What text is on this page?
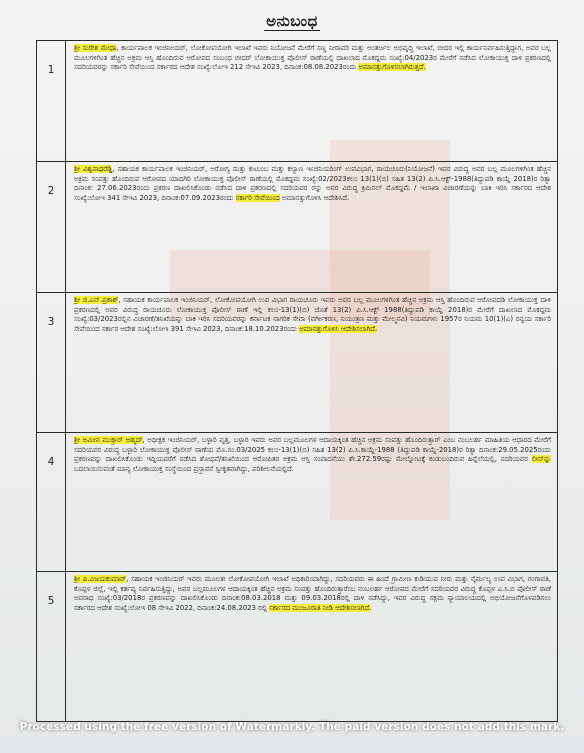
ಅನುಬಂಧ
1	ಶ್ರೀ ಸುರೇಶ ಮೇಧಾ, ಕಾರ್ಯಪಾಲಕ ಇಂಜಿನೀಯರ್, ಲೋಕೋಪಯೋಗಿ ಇಲಾಖೆ ಇವರು ನಿಯೋಜನೆ ಮೇರೆಗೆ ಸಣ್ಣ ನೀರಾವರಿ ಮತ್ತು ಅಂತರ್ಜಲ ಅಭಿವೃದ್ಧಿ ಇಲಾಖೆ, ಬೀದರ ಇಲ್ಲಿ ಕಾರ್ಯನಿರ್ವಹಿಸುತ್ತಿದ್ದಾಗ, ಅವರ ಬಲ್ಲ ಮೂಲಗಳಿಗಿಂತ ಹೆಚ್ಚಿನ ಅಕ್ರಮ ಆಸ್ತಿ ಹೊಂದಿರುವ ಆರೋಪದ ಸಂಬಂಧ ಬೀದರ್ ಲೋಕಾಯುಕ್ತ ಪೊಲೀಸ್ ಠಾಣೆಯಲ್ಲಿ ದಾಖಲಾದ ಮೊಕದ್ದಮ ಸಂಖ್ಯೆ:04/2023ರ ಮೇರೆಗೆ ನಡೆಸಿದ ಲೋಕಾಯುಕ್ತ ದಾಳಿ ಪ್ರಕರಣದಲ್ಲಿ ಸದರಿಯವರನ್ನು ಸರ್ಕಾರಿ ಸೇವೆಯಿಂದ ಸರ್ಕಾರದ ಆದೇಶ ಸಂಖ್ಯೆ:ಲೋಇ 212 ಸೇಇವಿ 2023, ದಿನಾಂಕ:08.08.2023ರಂದು ಅಮಾನತ್ತುಗೊಳಿಸಲಾಗಿರುತ್ತದೆ.
2	ಶ್ರೀ ವಿಶ್ವನಾಥರೆಡ್ಡಿ, ಸಹಾಯಕ ಕಾರ್ಯಪಾಲಕ ಇಂಜಿನಿಯರ್, ಆರೋಗ್ಯ ಮತ್ತು ಕುಟುಂಬ ಮತ್ತು ಕಲ್ಯಾಣ ಇಂಜಿನಿಯರಿಂಗ್ ಉಪವಿಭಾಗ, ರಾಯಚೂರು(ನಿಯೋಜನೆ) ಇವರ ವಿರುದ್ಧ ಅವರ ಬಲ್ಲ ಮೂಲಗಳಿಗಿಂತ ಹೆಚ್ಚಿನ ಅಕ್ರಮ ಸಂಪತ್ತು ಹೊಂದಿರುವ ಆರೋಪದ ಯಾದಗಿರಿ ಲೋಕಾಯುಕ್ತ ಪೊಲೀಸ್ ಠಾಣೆಯಲ್ಲಿ ಮೊಕದ್ದಮ ಸಂಖ್ಯೆ:02/2023ಕಲಂ 13(1)(ಬಿ) ಸಹಿತ 13(2) ಪಿ.ಸಿ.ಆಕ್ಟ್-1988(ತಿದ್ದುಪಡಿ ಕಾಯ್ದೆ 2018)ರ ರಿತ್ಯಾ ದಿನಾಂಕ: 27.06.2023ರಂದು ಪ್ರಕರಣ ದಾಖಲಿಸಿಕೊಂಡು ನಡೆಸಿದ ದಾಳಿ ಪ್ರಕರಣದಲ್ಲಿ ಸದರಿಯವರ ರನ್ನು ಅವರ ವಿರುದ್ಧ ಕ್ರಿಮಿನಲ್ ಮೊಕದ್ದಮೆ / ಇಲಾಖಾ ವಿಚಾರಣೆಯನ್ನು ಬಾಕಿ ಇರಿಸಿ ಸರ್ಕಾರದ ಆದೇಶ ಸಂಖ್ಯೆ:ಲೋಇ 341 ಸೇಇವಿ 2023, ದಿನಾಂಕ:07.09.2023ರಂದು ಸರ್ಕಾರಿ ಸೇವೆಯಿಂದ ಅಮಾನತ್ತುಗೊಳಿಸಿ ಆದೇಶಿಸಿದೆ.
3	ಶ್ರೀ ಜಿ.ಎನ್.ಪ್ರಕಾಶ್, ಸಹಾಯಕ ಕಾರ್ಯಪಾಲಕ ಇಂಜಿನಿಯರ್, ಲೋಕೋಪಯೋಗಿ ಉಪ ವಿಭಾಗ ರಾಯಚೂರು ಇವರು ಅವರ ಬಲ್ಲ ಮೂಲಗಳಿಗಿಂತ ಹೆಚ್ಚಿನ ಅಕ್ರಮ ಆಸ್ತಿ ಹೊಂದಿರುವ ಆರೋಪದಡಿ ಲೋಕಾಯುಕ್ತ ದಾಳಿ ಪ್ರಕರಣದಲ್ಲಿ ಅವರ ವಿರುದ್ಧ ರಾಯಚೂರು ಲೋಕಾಯುಕ್ತ ಪೊಲೀಸ್ ಠಾಣೆ ಇಲ್ಲಿ ಕಲಂ-13(1)(ಬಿ) ಜೊತೆ 13(2) ಪಿ.ಸಿ.ಆಕ್ಟ್ 1988(ತಿದ್ದುಪಡಿ ಕಾಯ್ದೆ 2018)ರ ಮೇರೆಗೆ ದಾಖಲಾದ ಮೊಕದ್ದಮ ಸಂಖ್ಯೆ:03/2023ರಲ್ಲಿನ ವಿಚಾರಣೆ/ತನಿಖೆಯನ್ನು ಬಾಕಿ ಇರಿಸಿ ಸದರಿಯವರನ್ನು ಕರ್ನಾಟಕ ನಾಗರಿಕ ಸೇವಾ (ವರ್ಗೀಕರಣ, ನಿಯಂತ್ರಣ ಮತ್ತು ಮೇಲ್ಮನವಿ) ನಿಯಮಗಳು 1957ರ ನಿಯಮ 10(1)(ಎ) ರನ್ವಯ ಸರ್ಕಾರಿ ಸೇವೆಯಿಂದ ಸರ್ಕಾರ ಆದೇಶ ಸಂಖ್ಯೆ:ಲೋಇ 391 ಸೇಇವಿ 2023, ದಿನಾಂಕ:18.10.2023ರಂದು ಅಮಾನತ್ತುಗೊಳಿಸಿ ಆದೇಶಿಸಲಾಗಿದೆ.
4	ಶ್ರೀ ಅಮೀನ ಮುಕ್ತಾರ್ ಅಹ್ಮದ್, ಅಧೀಕ್ಷಕ ಇಂಜಿನಿಯರ್, ಬಳ್ಳಾರಿ ವೃತ್ತ, ಬಳ್ಳಾರಿ ಇವರು ಅವರ ಬಲ್ಲಮೂಲಗಳ ಆದಾಯಕ್ಕಿಂತ ಹೆಚ್ಚಿನ ಅಕ್ರಮ ಸಂಪತ್ತು ಹೊಂದಿರುತ್ತಾರ್ ಎಂಬ ನಂಬಲರ್ಹ ಮಾಹಿತಿಯ ಆಧಾರದ ಮೇರೆಗೆ ಸದರಿಯವರ ವಿರುದ್ಧ ಬಳ್ಳಾರಿ ಲೋಕಾಯುಕ್ತ ಪೊಲೀಸ್ ಠಾಣೆಯ ಮೊ.ಸಂ.03/2025 ಕಲಂ-13(1)(ಬಿ) ಸಹಿತ 13(2) ಪಿ.ಸಿ.ಕಾಯ್ದೆ-1988 (ತಿದ್ದುಪಡಿ ಕಾಯ್ದೆ-2018)ರ ರಿತ್ಯಾ ದಿನಾಂಕ:29.05.2025ರಂದು ಪ್ರಕರಣವನ್ನು ದಾಖಲಿಸಿಕೊಂಡು ಇದ್ದಿಯವರೆಗೆ ನಡೆಸಿದ ಶೋಧನೆ/ತನಿಖೆಯಿಂದ ಆರೋಪಿತರ ಅಕ್ರಮ ಆಸ್ತಿ ಸಂಪಾದನೆಯು ಶೇ.272.59ರಷ್ಟು ಮೇಲ್ನೋಟಕ್ಕೆ ಕಂಡುಬಂದಿರುವ ಹಿನ್ನೆಲೆಯಲ್ಲಿ, ಸದರಿಯವರ ಲೀನ್‌ನ್ನು ಬದಲಾಯಿಸುವಂತೆ ಮಾನ್ಯ ಲೋಕಾಯುಕ್ತ ಸಂಸ್ಥೆಯಿಂದ ಪ್ರಸ್ತಾವನೆ ಸ್ವೀಕೃತವಾಗಿದ್ದು, ಪರಿಶೀಲನೆಯಲ್ಲಿದೆ.
5	ಶ್ರೀ ಪಿ.ವಿಜಯಕುಮಾರ್, ಸಹಾಯಕ ಇಂಜಿನಿಯರ್ ಇವರು ಮೂಲತಃ ಲೋಕೋಪಯೋಗಿ ಇಲಾಖೆ ಅಧಿಕಾರಿಯಾಗಿದ್ದು, ಸದರಿಯವರು ಈ ಹಿಂದೆ ಗ್ರಾಮೀಣ ಕುಡಿಯುವ ನೀರು ಮತ್ತು ನೈರ್ಮಲ್ಯ ಉಪ ವಿಭಾಗ, ಗಂಗಾವತಿ, ಕೊಪ್ಪಳ ಜಿಲ್ಲೆ, ಇಲ್ಲಿ ಕರ್ತವ್ಯ ನಿರ್ವಹಿಸುತ್ತಿದ್ದು, ಅವರ ಬಲ್ಲಮೂಲಗಳ ಆದಾಯಕ್ಕಿಂತ ಹೆಚ್ಚಿನ ಅಕ್ರಮ ಸಂಪತ್ತು ಹೊಂದಿರುತ್ತಾರೆಂಬ ನಂಬಲರ್ಹ ಆರೋಪದ ಮೇರೆಗೆ ಸದರಿಯವರ ವಿರುದ್ಧ ಕೊಪ್ಪಳ ಎ.ಸಿ.ಬಿ ಪೊಲೀಸ್ ಠಾಣೆ ಅಪರಾಧ ಸಂಖ್ಯೆ:03/2018ರ ಪ್ರಕರಣವನ್ನು ದಾಖಲಿಸಿಕೊಂಡು ದಿನಾಂಕ:08.03.2018 ಮತ್ತು 09.03.2018ರಲ್ಲಿ ದಾಳಿ ನಡೆಸಿದ್ದು, ಇವರ ವಿರುದ್ಧ ಸಕ್ಷಮ ನ್ಯಾಯಾಲಯದಲ್ಲಿ ಅಭಿಯೋಜನೆಗೊಳಪಡಿಸಲು ಸರ್ಕಾರದ ಆದೇಶ ಸಂಖ್ಯೆ:ಲೋಇ 08 ಸೇಇವಿ 2022, ದಿನಾಂಕ:24.08.2023 ರಲ್ಲಿ ಸರ್ಕಾರದ ಮಂಜೂರಾತಿ ನೀಡಿ ಆದೇಶಿಸಲಾಗಿದೆ.
Processed using the free version of Watermarkly. The paid version does not add this mark.
